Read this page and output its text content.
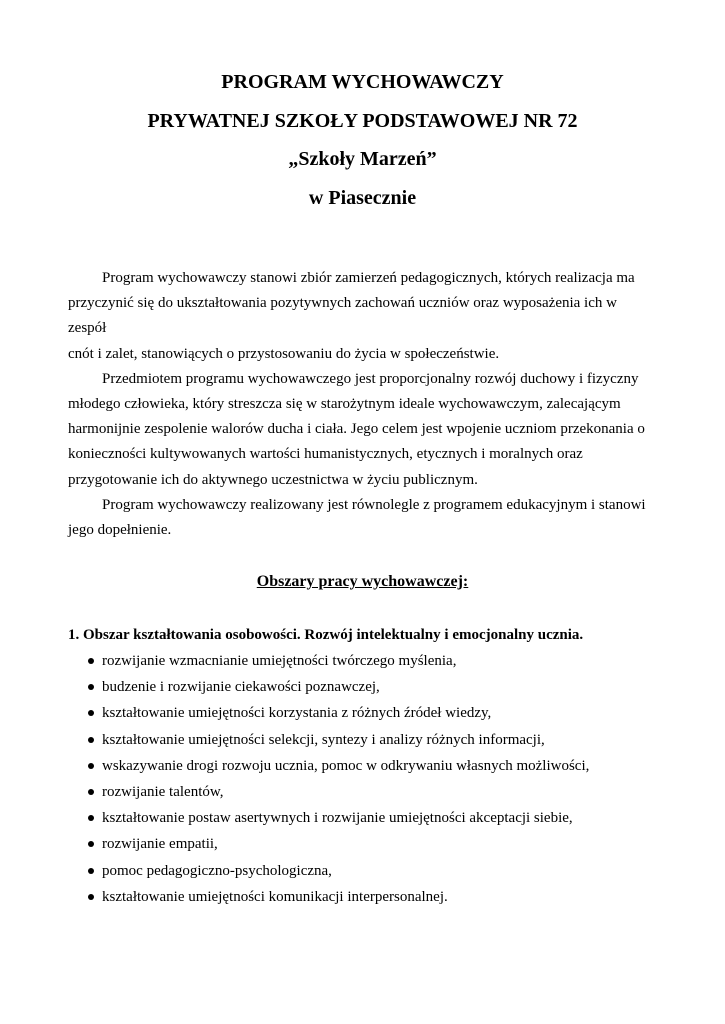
PROGRAM WYCHOWAWCZY
PRYWATNEJ SZKOŁY PODSTAWOWEJ NR 72
„Szkoły Marzeń”
w Piasecznie

Program wychowawczy stanowi zbiór zamierzeń pedagogicznych, których realizacja ma
przyczynić się do ukształtowania pozytywnych zachowań uczniów oraz wyposażenia ich w zespół
cnót i zalet, stanowiących o przystosowaniu do życia w społeczeństwie.

Przedmiotem programu wychowawczego jest proporcjonalny rozwój duchowy i fizyczny
młodego człowieka, który streszcza się w starożytnym ideale wychowawczym, zalecającym
harmonijnie zespolenie walorów ducha i ciała. Jego celem jest wpojenie uczniom przekonania o
konieczności kultywowanych wartości humanistycznych, etycznych i moralnych oraz
przygotowanie ich do aktywnego uczestnictwa w życiu publicznym.

Program wychowawczy realizowany jest równolegle z programem edukacyjnym i stanowi
jego dopełnienie.

Obszary pracy wychowawczej:
1. Obszar kształtowania osobowości. Rozwój intelektualny i emocjonalny ucznia.
rozwijanie wzmacnianie umiejętności twórczego myślenia,
budzenie i rozwijanie ciekawości poznawczej,
kształtowanie umiejętności korzystania z różnych źródeł wiedzy,
kształtowanie umiejętności selekcji, syntezy i analizy różnych informacji,
wskazywanie drogi rozwoju ucznia, pomoc w odkrywaniu własnych możliwości,
rozwijanie talentów,
kształtowanie postaw asertywnych i rozwijanie umiejętności akceptacji siebie,
rozwijanie empatii,
pomoc pedagogiczno-psychologiczna,
kształtowanie umiejętności komunikacji interpersonalnej.
